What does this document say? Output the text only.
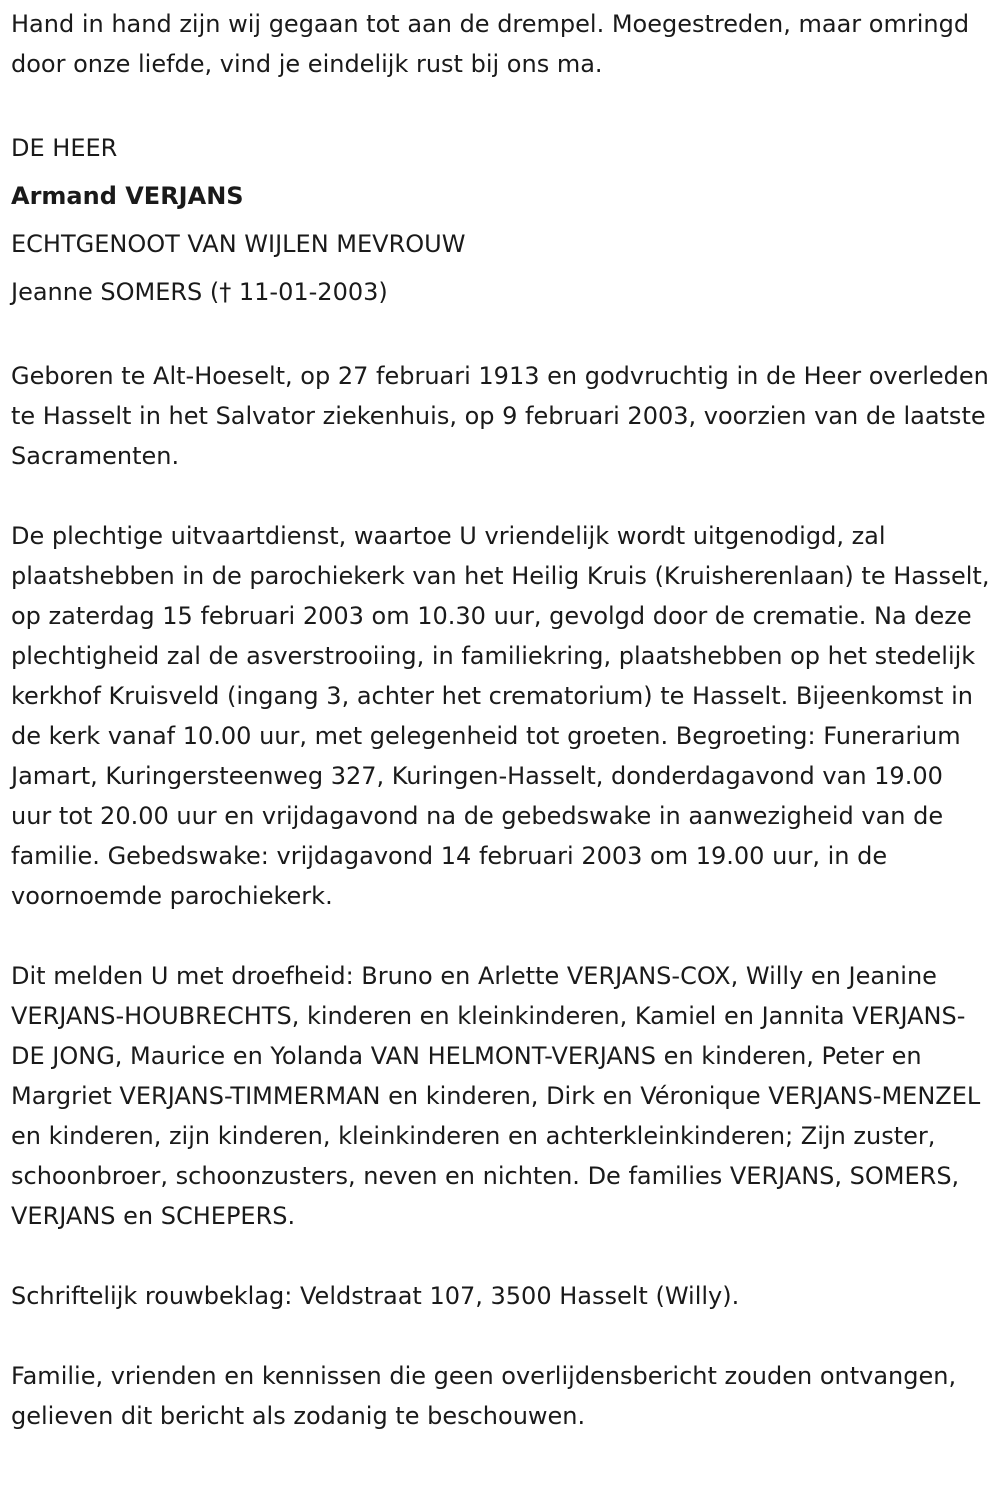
Hand in hand zijn wij gegaan tot aan de drempel. Moegestreden, maar omringd door onze liefde, vind je eindelijk rust bij ons ma.

DE HEER

Armand VERJANS

ECHTGENOOT VAN WIJLEN MEVROUW

Jeanne SOMERS († 11-01-2003)

Geboren te Alt-Hoeselt, op 27 februari 1913 en godvruchtig in de Heer overleden te Hasselt in het Salvator ziekenhuis, op 9 februari 2003, voorzien van de laatste Sacramenten.

De plechtige uitvaartdienst, waartoe U vriendelijk wordt uitgenodigd, zal plaatshebben in de parochiekerk van het Heilig Kruis (Kruisherenlaan) te Hasselt, op zaterdag 15 februari 2003 om 10.30 uur, gevolgd door de crematie. Na deze plechtigheid zal de asverstrooiing, in familiekring, plaatshebben op het stedelijk kerkhof Kruisveld (ingang 3, achter het crematorium) te Hasselt. Bijeenkomst in de kerk vanaf 10.00 uur, met gelegenheid tot groeten. Begroeting: Funerarium Jamart, Kuringersteenweg 327, Kuringen-Hasselt, donderdagavond van 19.00 uur tot 20.00 uur en vrijdagavond na de gebedswake in aanwezigheid van de familie. Gebedswake: vrijdagavond 14 februari 2003 om 19.00 uur, in de voornoemde parochiekerk.

Dit melden U met droefheid: Bruno en Arlette VERJANS-COX, Willy en Jeanine VERJANS-HOUBRECHTS, kinderen en kleinkinderen, Kamiel en Jannita VERJANS-DE JONG, Maurice en Yolanda VAN HELMONT-VERJANS en kinderen, Peter en Margriet VERJANS-TIMMERMAN en kinderen, Dirk en Véronique VERJANS-MENZEL en kinderen, zijn kinderen, kleinkinderen en achterkleinkinderen; Zijn zuster, schoonbroer, schoonzusters, neven en nichten. De families VERJANS, SOMERS, VERJANS en SCHEPERS.

Schriftelijk rouwbeklag: Veldstraat 107, 3500 Hasselt (Willy).

Familie, vrienden en kennissen die geen overlijdensbericht zouden ontvangen, gelieven dit bericht als zodanig te beschouwen.
